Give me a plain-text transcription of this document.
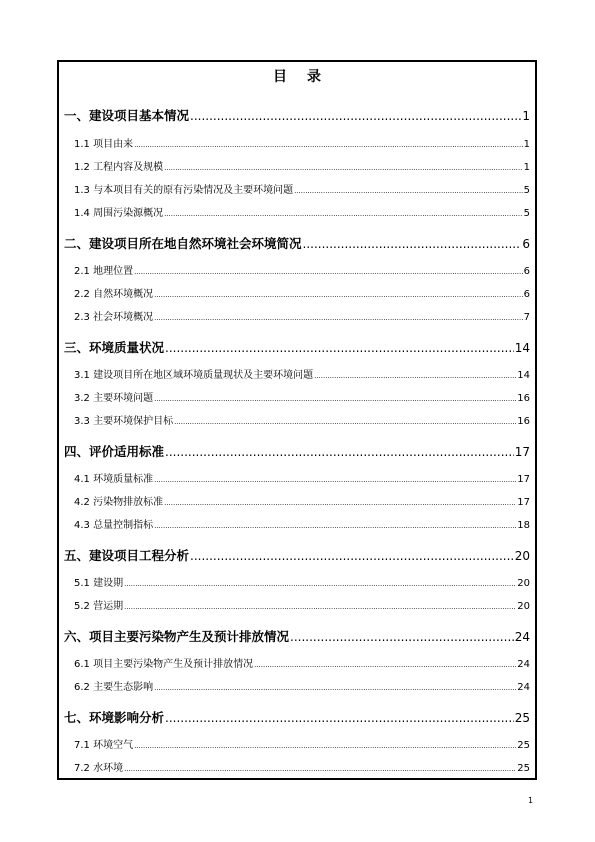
目 录
一、建设项目基本情况 .....	1
1.1 项目由来 .....	1
1.2 工程内容及规模 .....	1
1.3 与本项目有关的原有污染情况及主要环境问题 .....	5
1.4 周围污染源概况 .....	5
二、建设项目所在地自然环境社会环境简况 .....	6
2.1 地理位置 .....	6
2.2 自然环境概况 .....	6
2.3 社会环境概况 .....	7
三、环境质量状况 .....	14
3.1 建设项目所在地区域环境质量现状及主要环境问题 .....	14
3.2 主要环境问题 .....	16
3.3 主要环境保护目标 .....	16
四、评价适用标准 .....	17
4.1 环境质量标准 .....	17
4.2 污染物排放标准 .....	17
4.3 总量控制指标 .....	18
五、建设项目工程分析 .....	20
5.1 建设期 .....	20
5.2 营运期 .....	20
六、项目主要污染物产生及预计排放情况 .....	24
6.1 项目主要污染物产生及预计排放情况 .....	24
6.2 主要生态影响 .....	24
七、环境影响分析 .....	25
7.1 环境空气 .....	25
7.2 水环境 .....	25
1
